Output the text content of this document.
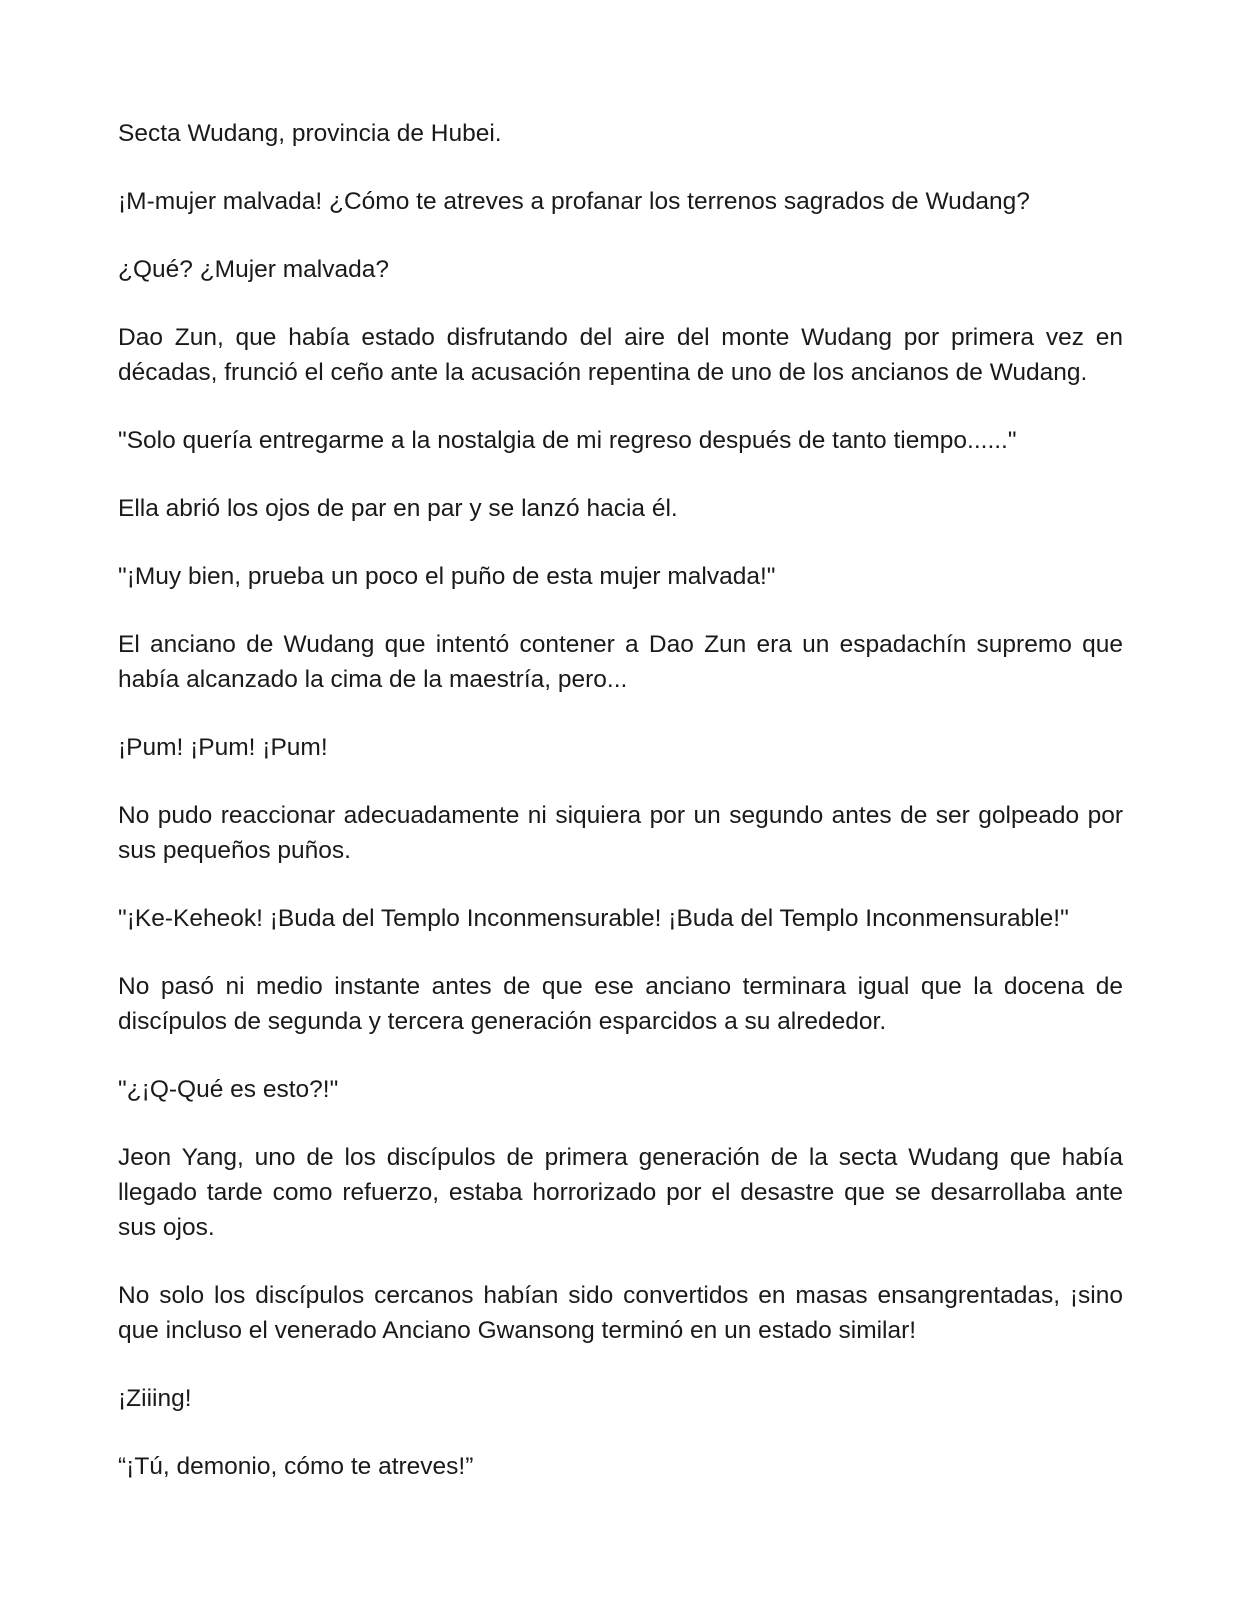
Secta Wudang, provincia de Hubei.

¡M-mujer malvada! ¿Cómo te atreves a profanar los terrenos sagrados de Wudang?

¿Qué? ¿Mujer malvada?

Dao Zun, que había estado disfrutando del aire del monte Wudang por primera vez en décadas, frunció el ceño ante la acusación repentina de uno de los ancianos de Wudang.

"Solo quería entregarme a la nostalgia de mi regreso después de tanto tiempo......"

Ella abrió los ojos de par en par y se lanzó hacia él.

"¡Muy bien, prueba un poco el puño de esta mujer malvada!"

El anciano de Wudang que intentó contener a Dao Zun era un espadachín supremo que había alcanzado la cima de la maestría, pero...

¡Pum! ¡Pum! ¡Pum!

No pudo reaccionar adecuadamente ni siquiera por un segundo antes de ser golpeado por sus pequeños puños.

"¡Ke-Keheok! ¡Buda del Templo Inconmensurable! ¡Buda del Templo Inconmensurable!"

No pasó ni medio instante antes de que ese anciano terminara igual que la docena de discípulos de segunda y tercera generación esparcidos a su alrededor.

"¿¡Q-Qué es esto?!"

Jeon Yang, uno de los discípulos de primera generación de la secta Wudang que había llegado tarde como refuerzo, estaba horrorizado por el desastre que se desarrollaba ante sus ojos.

No solo los discípulos cercanos habían sido convertidos en masas ensangrentadas, ¡sino que incluso el venerado Anciano Gwansong terminó en un estado similar!

¡Ziiing!

“¡Tú, demonio, cómo te atreves!”
